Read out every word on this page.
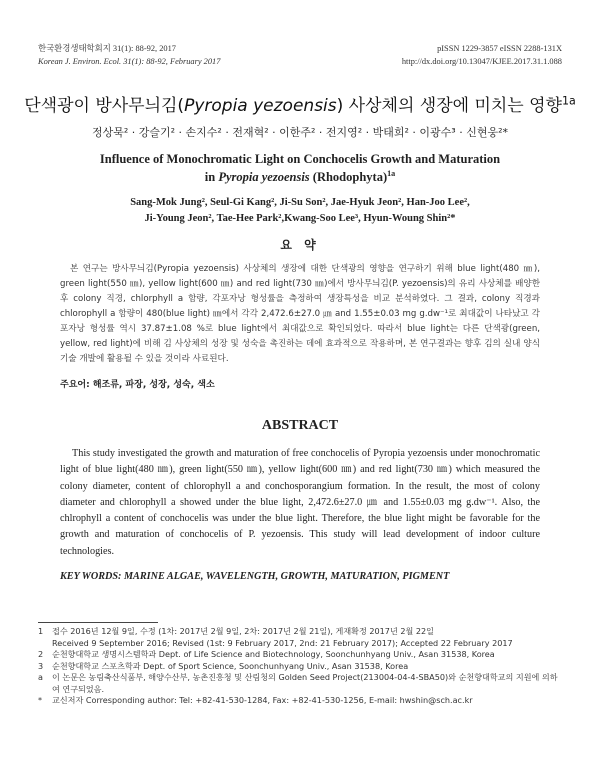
한국환경생태학회지 31(1): 88-92, 2017
Korean J. Environ. Ecol. 31(1): 88-92, February 2017
pISSN 1229-3857 eISSN 2288-131X
http://dx.doi.org/10.13047/KJEE.2017.31.1.088
단색광이 방사무늬김(Pyropia yezoensis) 사상체의 생장에 미치는 영향$^{1a}$
정상묵² · 강슬기² · 손지수² · 전재혁² · 이한주² · 전지영² · 박태희² · 이광수³ · 신현웅²*
Influence of Monochromatic Light on Conchocelis Growth and Maturation
in Pyropia yezoensis (Rhodophyta)$^{1a}$
Sang-Mok Jung², Seul-Gi Kang², Ji-Su Son², Jae-Hyuk Jeon², Han-Joo Lee²,
Ji-Young Jeon², Tae-Hee Park²,Kwang-Soo Lee³, Hyun-Woung Shin²*
요 약

본 연구는 방사무늬김(Pyropia yezoensis) 사상체의 생장에 대한 단색광의 영향을 연구하기 위해 blue light(480 ㎚), green light(550 ㎚), yellow light(600 ㎚) and red light(730 ㎚)에서 방사무늬김(P. yezoensis)의 유리 사상체를 배양한 후 colony 직경, chlorphyll a 함량, 각포자낭 형성률을 측정하여 생장특성을 비교 분석하였다. 그 결과, colony 직경과 chlorophyll a 함량이 480(blue light) ㎚에서 각각 2,472.6±27.0 ㎛ and 1.55±0.03 mg g.dw⁻¹로 최대값이 나타났고 각포자낭 형성률 역시 37.87±1.08 %로 blue light에서 최대값으로 확인되었다. 따라서 blue light는 다른 단색광(green, yellow, red light)에 비해 김 사상체의 성장 및 성숙을 촉진하는 데에 효과적으로 작용하며, 본 연구결과는 향후 김의 실내 양식 기술 개발에 활용될 수 있을 것이라 사료된다.

주요어: 해조류, 파장, 성장, 성숙, 색소
ABSTRACT

This study investigated the growth and maturation of free conchocelis of Pyropia yezoensis under monochromatic light of blue light(480 ㎚), green light(550 ㎚), yellow light(600 ㎚) and red light(730 ㎚) which measured the colony diameter, content of chlorophyll a and conchosporangium formation. In the result, the most of colony diameter and chlorophyll a showed under the blue light, 2,472.6±27.0 ㎛ and 1.55±0.03 mg g.dw⁻¹. Also, the chlrophyll a content of conchocelis was under the blue light. Therefore, the blue light might be favorable for the growth and maturation of conchocelis of P. yezoensis. This study will lead development of indoor culture technologies.

KEY WORDS: MARINE ALGAE, WAVELENGTH, GROWTH, MATURATION, PIGMENT
1	접수 2016년 12월 9일, 수정 (1차: 2017년 2월 9일, 2차: 2017년 2월 21일), 게재확정 2017년 2월 22일
Received 9 September 2016; Revised (1st: 9 February 2017, 2nd: 21 February 2017); Accepted 22 February 2017
2	순천향대학교 생명시스템학과 Dept. of Life Science and Biotechnology, Soonchunhyang Univ., Asan 31538, Korea
3	순천향대학교 스포츠학과 Dept. of Sport Science, Soonchunhyang Univ., Asan 31538, Korea
a	이 논문은 농림축산식품부, 해양수산부, 농촌진흥청 및 산림청의 Golden Seed Project(213004-04-4-SBA50)와 순천향대학교의 지원에 의하여 연구되었음.
*	교신저자 Corresponding author: Tel: +82-41-530-1284, Fax: +82-41-530-1256, E-mail: hwshin@sch.ac.kr
